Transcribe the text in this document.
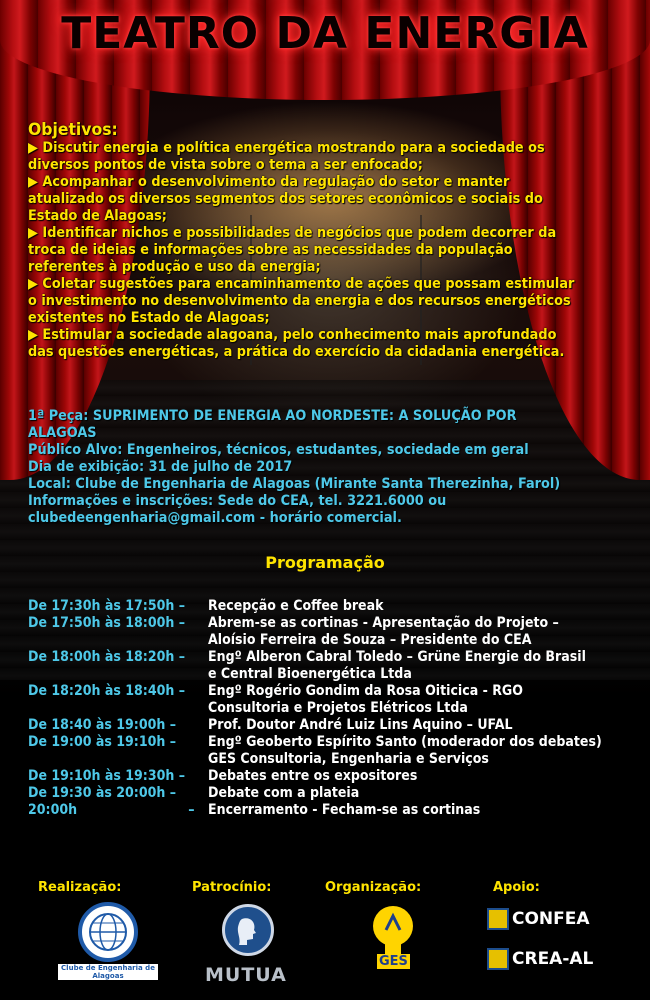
TEATRO DA ENERGIA
Objetivos:
▶ Discutir energia e política energética mostrando para a sociedade os diversos pontos de vista sobre o tema a ser enfocado;
▶ Acompanhar o desenvolvimento da regulação do setor e manter atualizado os diversos segmentos dos setores econômicos e sociais do Estado de Alagoas;
▶ Identificar nichos e possibilidades de negócios que podem decorrer da troca de ideias e informações sobre as necessidades da população referentes à produção e uso da energia;
▶ Coletar sugestões para encaminhamento de ações que possam estimular o investimento no desenvolvimento da energia e dos recursos energéticos existentes no Estado de Alagoas;
▶ Estimular a sociedade alagoana, pelo conhecimento mais aprofundado das questões energéticas, a prática do exercício da cidadania energética.
1ª Peça: SUPRIMENTO DE ENERGIA AO NORDESTE: A SOLUÇÃO POR ALAGOAS
Público Alvo: Engenheiros, técnicos, estudantes, sociedade em geral
Dia de exibição: 31 de julho de 2017
Local: Clube de Engenharia de Alagoas (Mirante Santa Therezinha, Farol)
Informações e inscrições: Sede do CEA, tel. 3221.6000 ou
clubedeengenharia@gmail.com - horário comercial.
Programação
De 17:30h às 17:50h –	Recepção e Coffee break
De 17:50h às 18:00h –	Abrem-se as cortinas - Apresentação do Projeto –
Aloísio Ferreira de Souza – Presidente do CEA
De 18:00h às 18:20h –	Engº Alberon Cabral Toledo – Grüne Energie do Brasil
e Central Bioenergética Ltda
De 18:20h às 18:40h –	Engº Rogério Gondim da Rosa Oiticica - RGO
Consultoria e Projetos Elétricos Ltda
De 18:40 às 19:00h –	Prof. Doutor André Luiz Lins Aquino – UFAL
De 19:00 às 19:10h –	Engº Geoberto Espírito Santo (moderador dos debates)
GES Consultoria, Engenharia e Serviços
De 19:10h às 19:30h –	Debates entre os expositores
De 19:30 às 20:00h –	Debate com a plateia
20:00h	– Encerramento - Fecham-se as cortinas
Realização:	Patrocínio:	Organização:	Apoio:
Clube de Engenharia de Alagoas	MUTUA
GES
CONFEA
CREA-AL
